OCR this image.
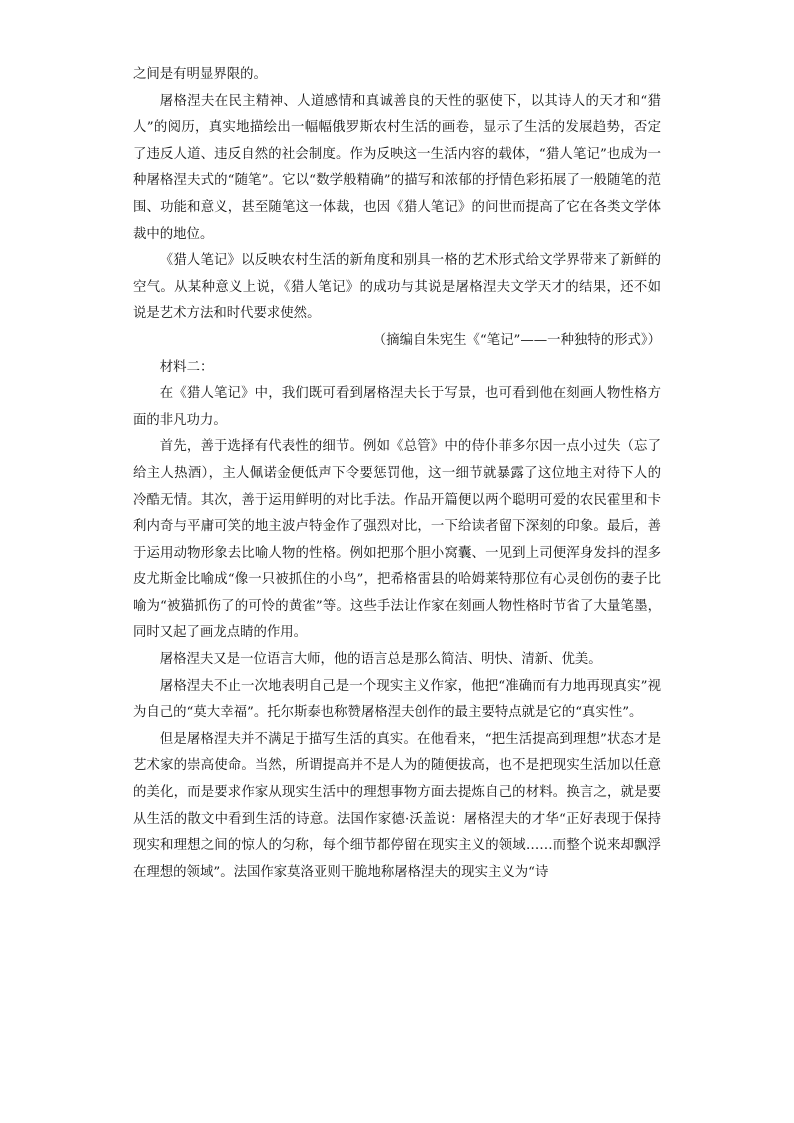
之间是有明显界限的。

屠格涅夫在民主精神、人道感情和真诚善良的天性的驱使下，以其诗人的天才和“猎人”的阅历，真实地描绘出一幅幅俄罗斯农村生活的画卷，显示了生活的发展趋势，否定了违反人道、违反自然的社会制度。作为反映这一生活内容的载体，“猎人笔记”也成为一种屠格涅夫式的“随笔”。它以“数学般精确”的描写和浓郁的抒情色彩拓展了一般随笔的范围、功能和意义，甚至随笔这一体裁，也因《猎人笔记》的问世而提高了它在各类文学体裁中的地位。

《猎人笔记》以反映农村生活的新角度和别具一格的艺术形式给文学界带来了新鲜的空气。从某种意义上说，《猎人笔记》的成功与其说是屠格涅夫文学天才的结果，还不如说是艺术方法和时代要求使然。

（摘编自朱宪生《“笔记”——一种独特的形式》）

材料二：

在《猎人笔记》中，我们既可看到屠格涅夫长于写景，也可看到他在刻画人物性格方面的非凡功力。

首先，善于选择有代表性的细节。例如《总管》中的侍仆菲多尔因一点小过失（忘了给主人热酒），主人佩诺金便低声下令要惩罚他，这一细节就暴露了这位地主对待下人的冷酷无情。其次，善于运用鲜明的对比手法。作品开篇便以两个聪明可爱的农民霍里和卡利内奇与平庸可笑的地主波卢特金作了强烈对比，一下给读者留下深刻的印象。最后，善于运用动物形象去比喻人物的性格。例如把那个胆小窝囊、一见到上司便浑身发抖的涅多皮尤斯金比喻成“像一只被抓住的小鸟”，把希格雷县的哈姆莱特那位有心灵创伤的妻子比喻为“被猫抓伤了的可怜的黄雀”等。这些手法让作家在刻画人物性格时节省了大量笔墨，同时又起了画龙点睛的作用。

屠格涅夫又是一位语言大师，他的语言总是那么简洁、明快、清新、优美。

屠格涅夫不止一次地表明自己是一个现实主义作家，他把“准确而有力地再现真实”视为自己的“莫大幸福”。托尔斯泰也称赞屠格涅夫创作的最主要特点就是它的“真实性”。

但是屠格涅夫并不满足于描写生活的真实。在他看来，“把生活提高到理想”状态才是艺术家的崇高使命。当然，所谓提高并不是人为的随便拔高，也不是把现实生活加以任意的美化，而是要求作家从现实生活中的理想事物方面去提炼自己的材料。换言之，就是要从生活的散文中看到生活的诗意。法国作家德·沃盖说：屠格涅夫的才华“正好表现于保持现实和理想之间的惊人的匀称，每个细节都停留在现实主义的领域……而整个说来却飘浮在理想的领域”。法国作家莫洛亚则干脆地称屠格涅夫的现实主义为“诗
